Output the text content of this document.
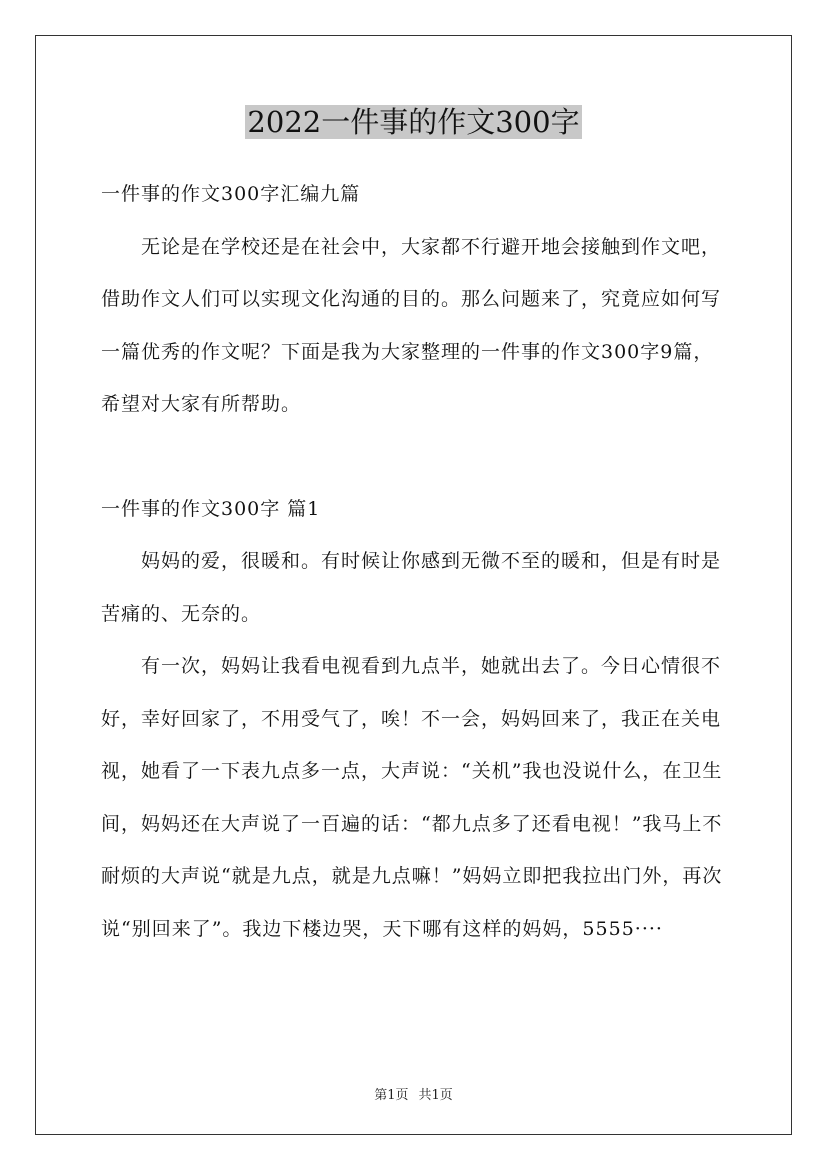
2022一件事的作文300字

一件事的作文300字汇编九篇

无论是在学校还是在社会中，大家都不行避开地会接触到作文吧，借助作文人们可以实现文化沟通的目的。那么问题来了，究竟应如何写一篇优秀的作文呢？下面是我为大家整理的一件事的作文300字9篇，希望对大家有所帮助。

一件事的作文300字 篇1

妈妈的爱，很暖和。有时候让你感到无微不至的暖和，但是有时是苦痛的、无奈的。

有一次，妈妈让我看电视看到九点半，她就出去了。今日心情很不好，幸好回家了，不用受气了，唉！不一会，妈妈回来了，我正在关电视，她看了一下表九点多一点，大声说：“关机”我也没说什么，在卫生间，妈妈还在大声说了一百遍的话：“都九点多了还看电视！”我马上不耐烦的大声说“就是九点，就是九点嘛！”妈妈立即把我拉出门外，再次说“别回来了”。我边下楼边哭，天下哪有这样的妈妈，5555····

第1页 共1页
